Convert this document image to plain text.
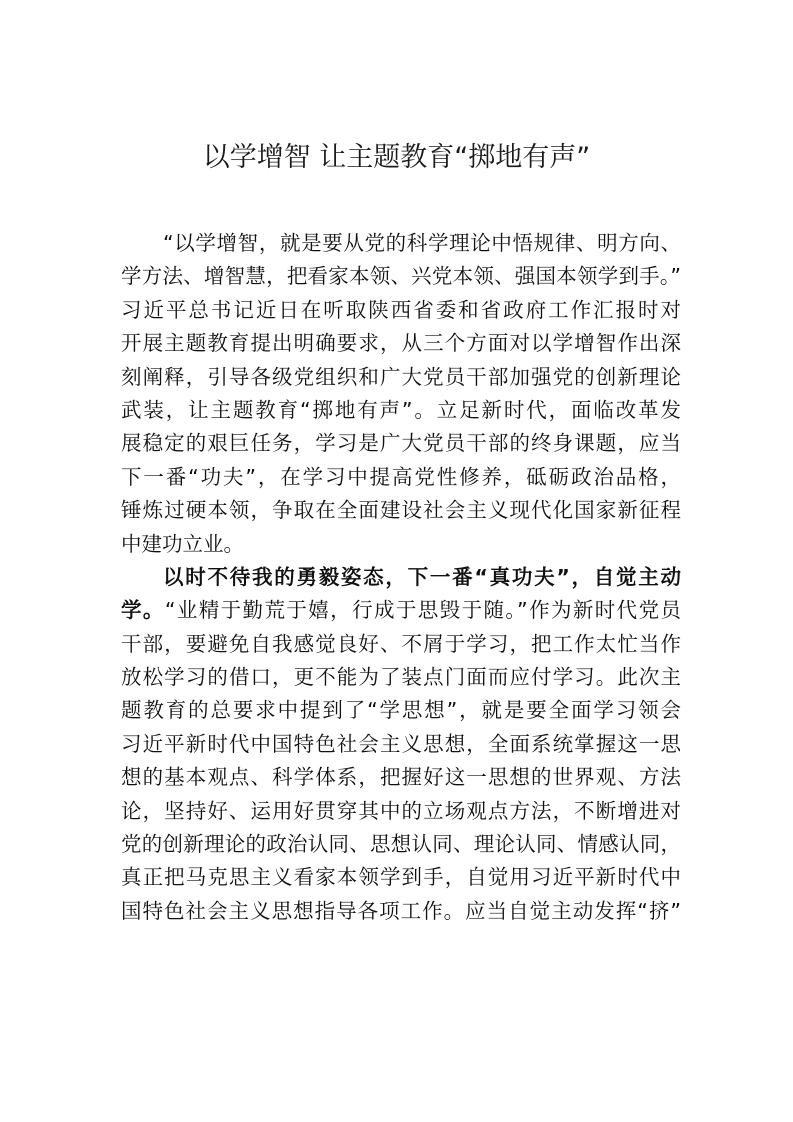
以学增智 让主题教育“掷地有声”
“以学增智，就是要从党的科学理论中悟规律、明方向、
学方法、增智慧，把看家本领、兴党本领、强国本领学到手。”
习近平总书记近日在听取陕西省委和省政府工作汇报时对
开展主题教育提出明确要求，从三个方面对以学增智作出深
刻阐释，引导各级党组织和广大党员干部加强党的创新理论
武装，让主题教育“掷地有声”。立足新时代，面临改革发
展稳定的艰巨任务，学习是广大党员干部的终身课题，应当
下一番“功夫”，在学习中提高党性修养，砥砺政治品格，
锤炼过硬本领，争取在全面建设社会主义现代化国家新征程
中建功立业。
以时不待我的勇毅姿态，下一番“真功夫”，自觉主动
学。“业精于勤荒于嬉，行成于思毁于随。”作为新时代党员
干部，要避免自我感觉良好、不屑于学习，把工作太忙当作
放松学习的借口，更不能为了装点门面而应付学习。此次主
题教育的总要求中提到了“学思想”，就是要全面学习领会
习近平新时代中国特色社会主义思想，全面系统掌握这一思
想的基本观点、科学体系，把握好这一思想的世界观、方法
论，坚持好、运用好贯穿其中的立场观点方法，不断增进对
党的创新理论的政治认同、思想认同、理论认同、情感认同，
真正把马克思主义看家本领学到手，自觉用习近平新时代中
国特色社会主义思想指导各项工作。应当自觉主动发挥“挤”
